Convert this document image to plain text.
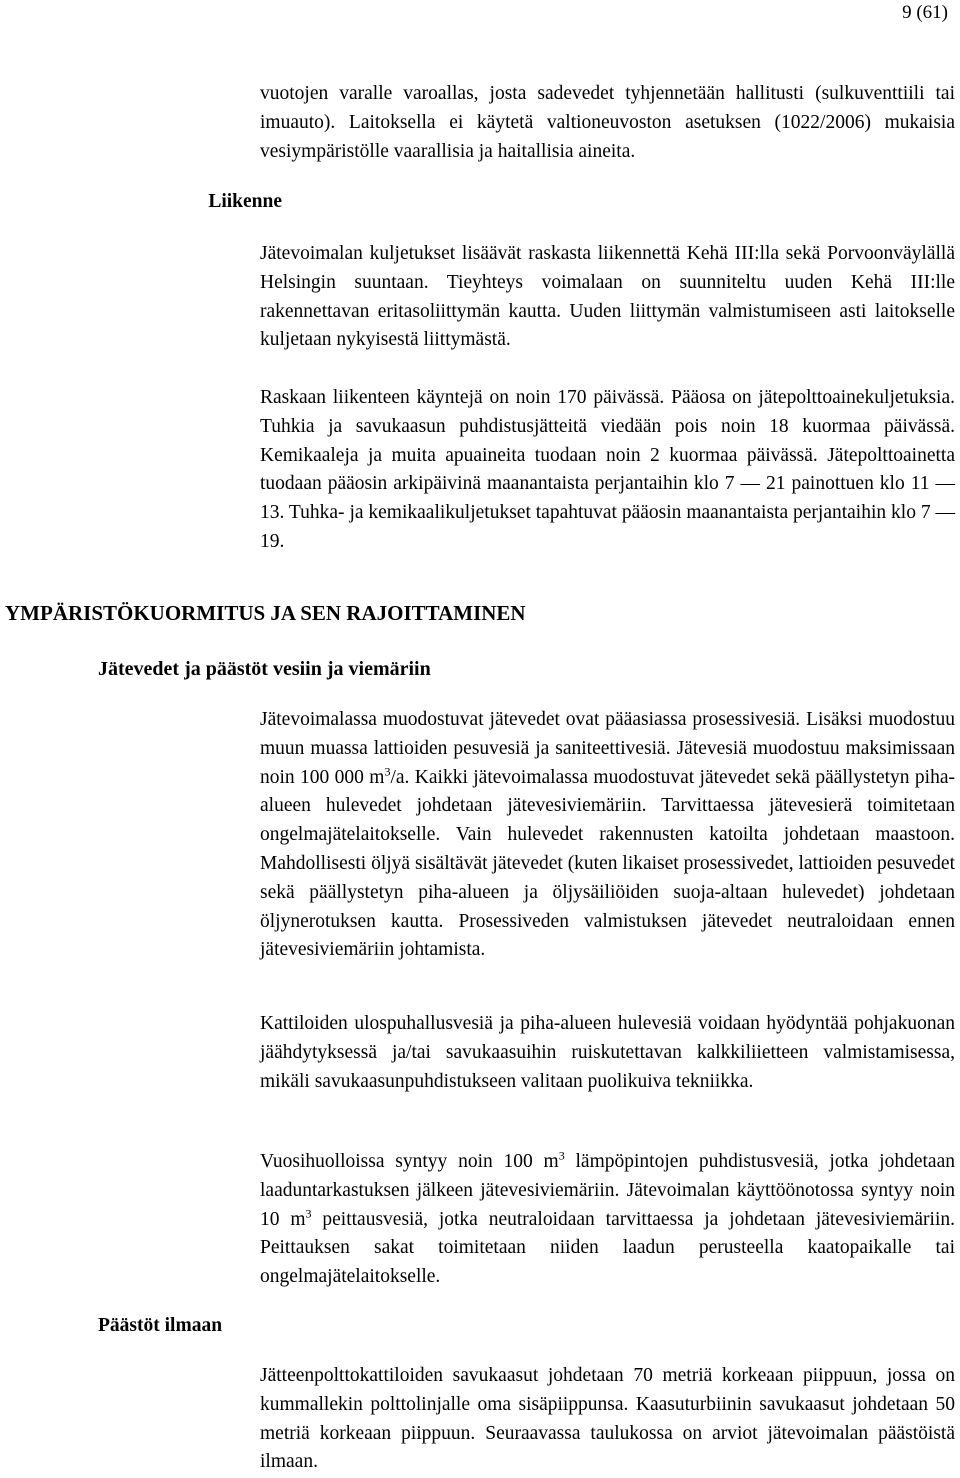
9 (61)

vuotojen varalle varoallas, josta sadevedet tyhjennetään hallitusti (sulkuventtiili tai imuauto). Laitoksella ei käytetä valtioneuvoston asetuksen (1022/2006) mukaisia vesiympäristölle vaarallisia ja haitallisia aineita.

Liikenne

Jätevoimalan kuljetukset lisäävät raskasta liikennettä Kehä III:lla sekä Porvoonväylällä Helsingin suuntaan. Tieyhteys voimalaan on suunniteltu uuden Kehä III:lle rakennettavan eritasoliittymän kautta. Uuden liittymän valmistumiseen asti laitokselle kuljetaan nykyisestä liittymästä.

Raskaan liikenteen käyntejä on noin 170 päivässä. Pääosa on jätepolttoainekuljetuksia. Tuhkia ja savukaasun puhdistusjätteitä viedään pois noin 18 kuormaa päivässä. Kemikaaleja ja muita apuaineita tuodaan noin 2 kuormaa päivässä. Jätepolttoainetta tuodaan pääosin arkipäivinä maanantaista perjantaihin klo 7 — 21 painottuen klo 11 — 13. Tuhka- ja kemikaalikuljetukset tapahtuvat pääosin maanantaista perjantaihin klo 7 — 19.

YMPÄRISTÖKUORMITUS JA SEN RAJOITTAMINEN
Jätevedet ja päästöt vesiin ja viemäriin

Jätevoimalassa muodostuvat jätevedet ovat pääasiassa prosessivesiä. Lisäksi muodostuu muun muassa lattioiden pesuvesiä ja saniteettivesiä. Jätevesiä muodostuu maksimissaan noin 100 000 $m^3/a$. Kaikki jätevoimalassa muodostuvat jätevedet sekä päällystetyn piha-alueen hulevedet johdetaan jätevesiviemäriin. Tarvittaessa jätevesierä toimitetaan ongelmajätelaitokselle. Vain hulevedet rakennusten katoilta johdetaan maastoon. Mahdollisesti öljyä sisältävät jätevedet (kuten likaiset prosessivedet, lattioiden pesuvedet sekä päällystetyn piha-alueen ja öljysäiliöiden suoja-altaan hulevedet) johdetaan öljynerotuksen kautta. Prosessiveden valmistuksen jätevedet neutraloidaan ennen jätevesiviemäriin johtamista.

Kattiloiden ulospuhallusvesiä ja piha-alueen hulevesiä voidaan hyödyntää pohjakuonan jäähdytyksessä ja/tai savukaasuihin ruiskutettavan kalkkiliietteen valmistamisessa, mikäli savukaasunpuhdistukseen valitaan puolikuiva tekniikka.

Vuosihuolloissa syntyy noin 100 $m^3$ lämpöpintojen puhdistusvesiä, jotka johdetaan laaduntarkastuksen jälkeen jätevesiviemäriin. Jätevoimalan käyttöönotossa syntyy noin 10 $m^3$ peittausvesiä, jotka neutraloidaan tarvittaessa ja johdetaan jätevesiviemäriin. Peittauksen sakat toimitetaan niiden laadun perusteella kaatopaikalle tai ongelmajätelaitokselle.

Päästöt ilmaan

Jätteenpolttokattiloiden savukaasut johdetaan 70 metriä korkeaan piippuun, jossa on kummallekin polttolinjalle oma sisäpiippunsa. Kaasuturbiinin savukaasut johdetaan 50 metriä korkeaan piippuun. Seuraavassa taulukossa on arviot jätevoimalan päästöistä ilmaan.
